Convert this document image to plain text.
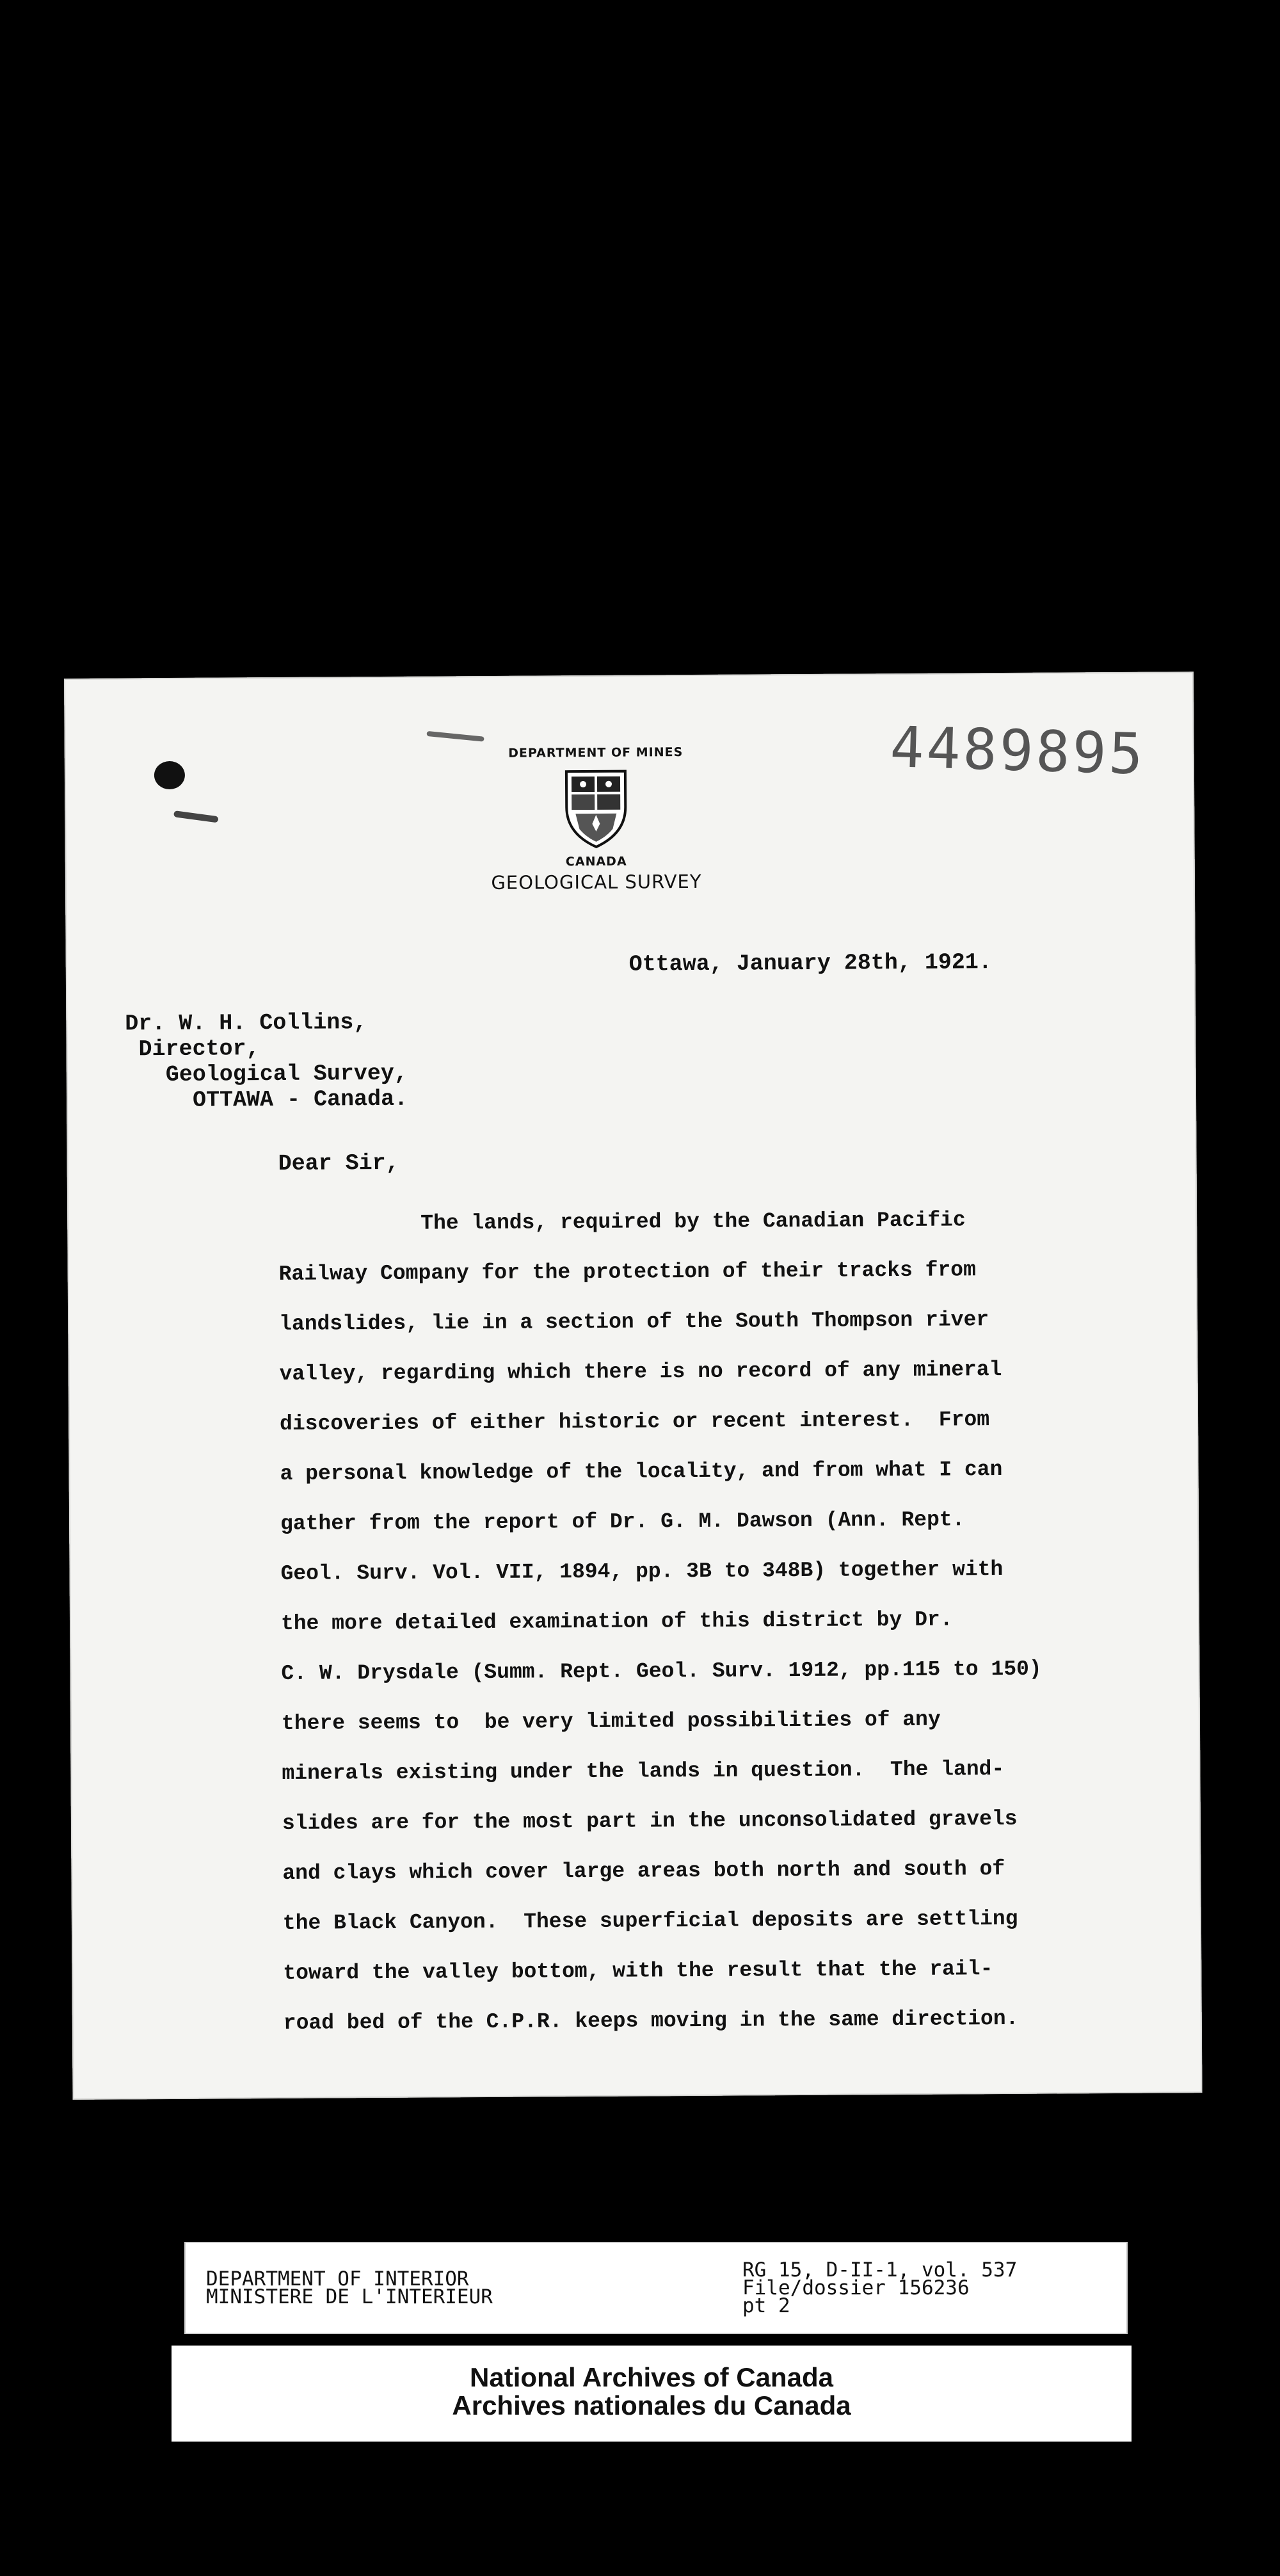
4489895
DEPARTMENT OF MINES
CANADA
GEOLOGICAL SURVEY
Ottawa, January 28th, 1921.
Dr. W. H. Collins,
Director,
Geological Survey,
OTTAWA - Canada.
Dear Sir,
The lands, required by the Canadian Pacific
Railway Company for the protection of their tracks from
landslides, lie in a section of the South Thompson river
valley, regarding which there is no record of any mineral
discoveries of either historic or recent interest.  From
a personal knowledge of the locality, and from what I can
gather from the report of Dr. G. M. Dawson (Ann. Rept.
Geol. Surv. Vol. VII, 1894, pp. 3B to 348B) together with
the more detailed examination of this district by Dr.
C. W. Drysdale (Summ. Rept. Geol. Surv. 1912, pp.115 to 150)
there seems to  be very limited possibilities of any
minerals existing under the lands in question.  The land-
slides are for the most part in the unconsolidated gravels
and clays which cover large areas both north and south of
the Black Canyon.  These superficial deposits are settling
toward the valley bottom, with the result that the rail-
road bed of the C.P.R. keeps moving in the same direction.
DEPARTMENT OF INTERIOR
MINISTERE DE L'INTERIEUR
RG 15, D-II-1, vol. 537
File/dossier 156236
pt 2
National Archives of Canada
Archives nationales du Canada
